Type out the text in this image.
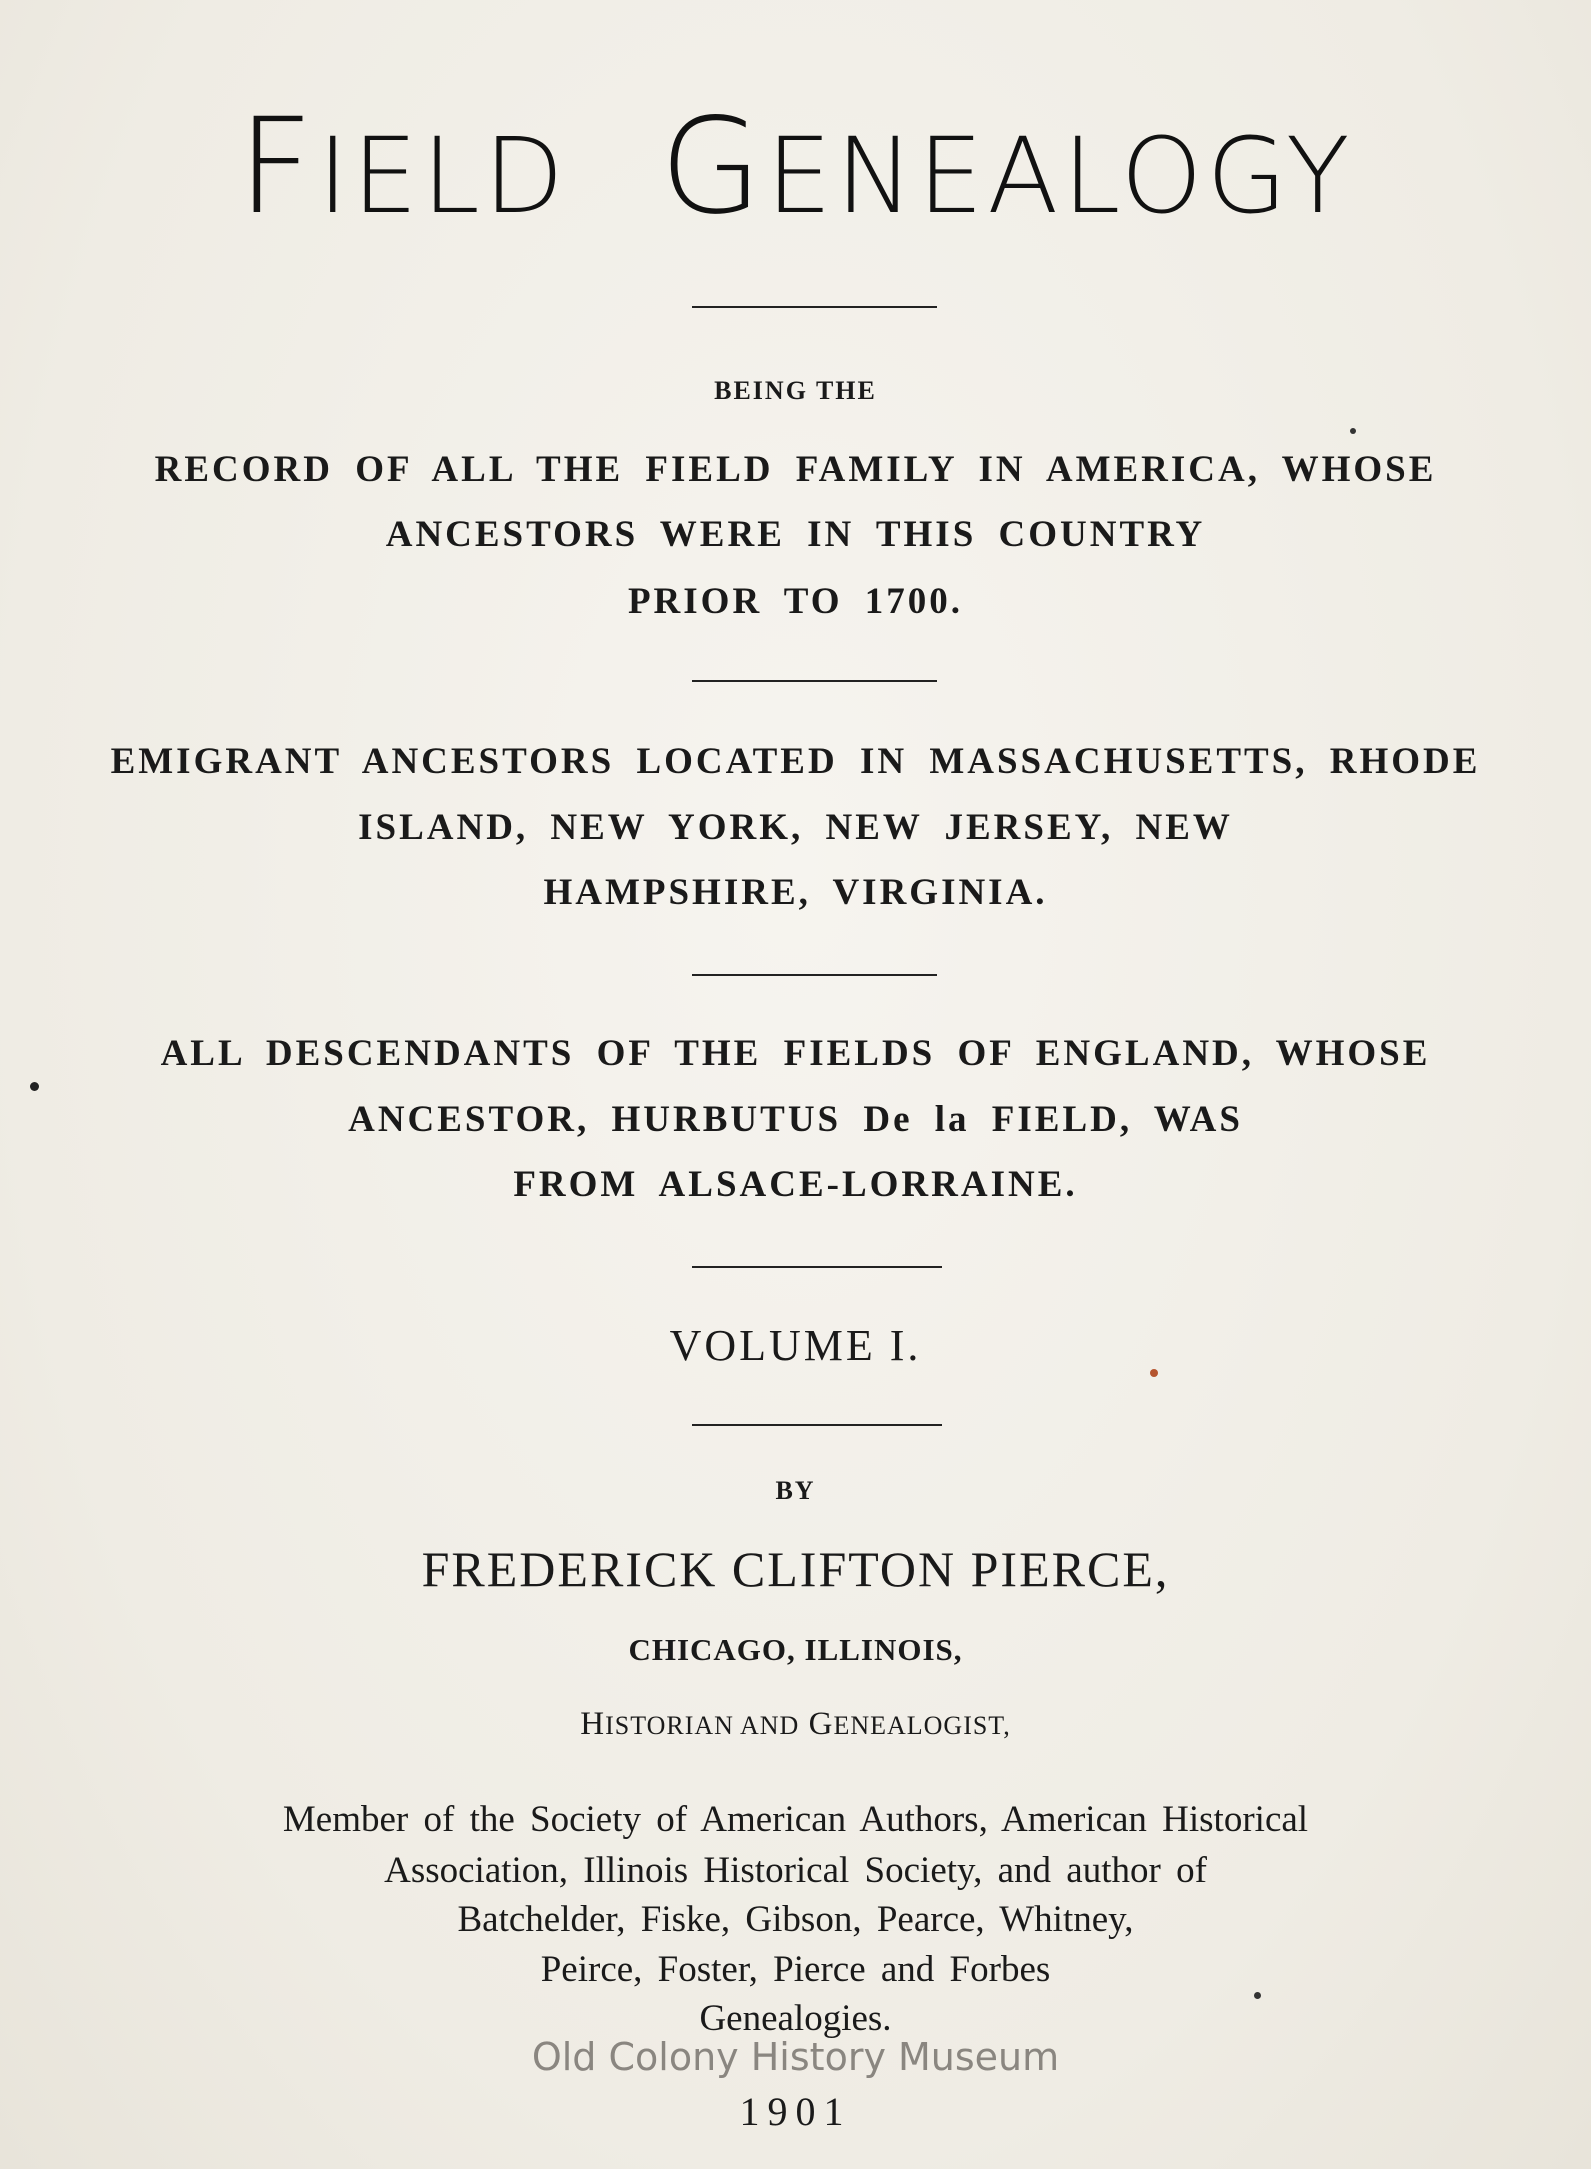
FIELD GENEALOGY
BEING THE
RECORD OF ALL THE FIELD FAMILY IN AMERICA, WHOSE
ANCESTORS WERE IN THIS COUNTRY
PRIOR TO 1700.
EMIGRANT ANCESTORS LOCATED IN MASSACHUSETTS, RHODE
ISLAND, NEW YORK, NEW JERSEY, NEW
HAMPSHIRE, VIRGINIA.
ALL DESCENDANTS OF THE FIELDS OF ENGLAND, WHOSE
ANCESTOR, HURBUTUS De la FIELD, WAS
FROM ALSACE-LORRAINE.
VOLUME I.
BY
FREDERICK CLIFTON PIERCE,
CHICAGO, ILLINOIS,
HISTORIAN AND GENEALOGIST,
Member of the Society of American Authors, American Historical
Association, Illinois Historical Society, and author of
Batchelder, Fiske, Gibson, Pearce, Whitney,
Peirce, Foster, Pierce and Forbes
Genealogies.
Old Colony History Museum
1901
